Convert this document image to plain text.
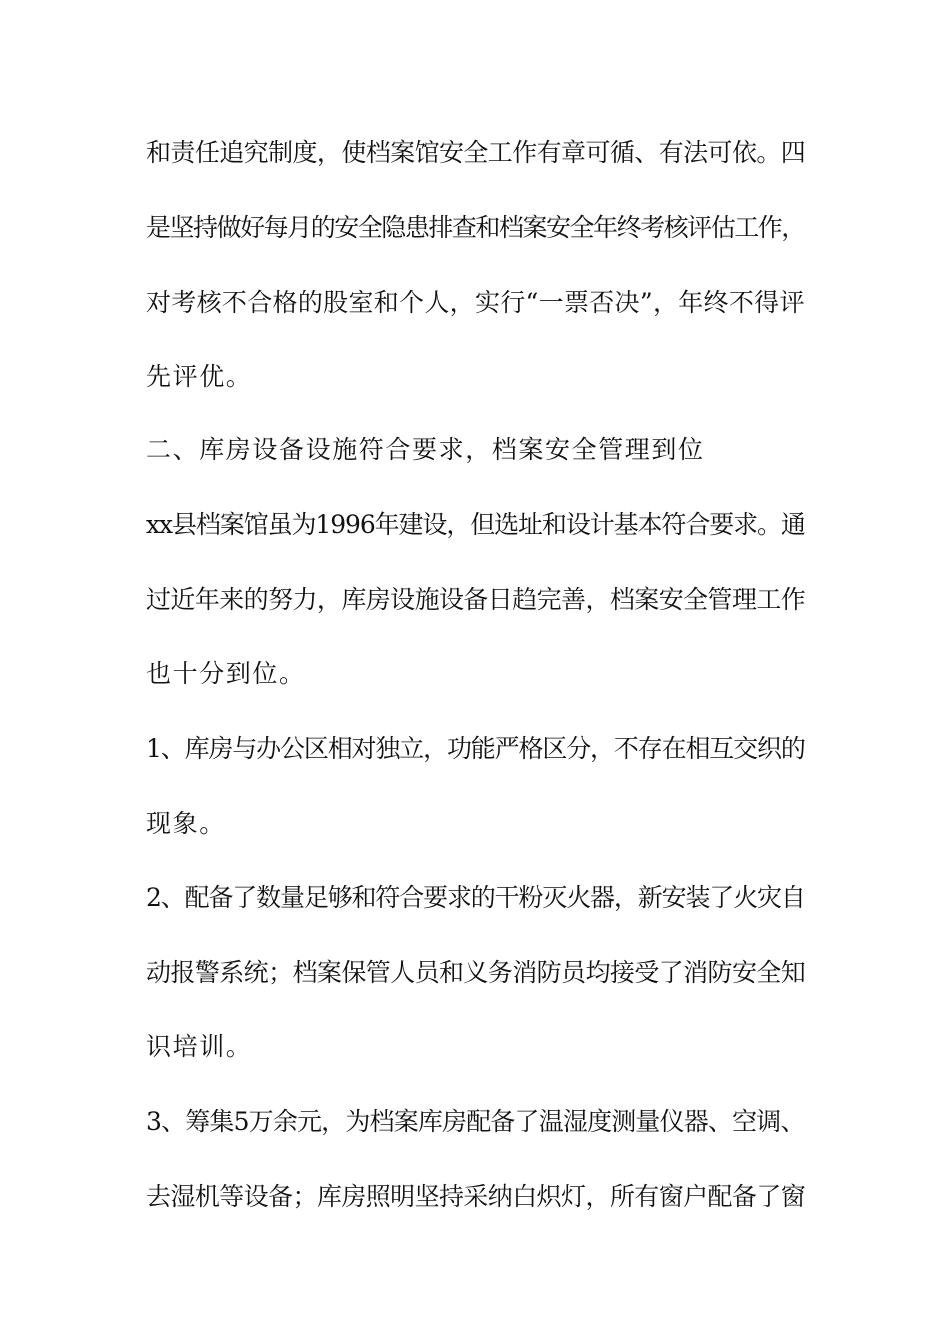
和责任追究制度，使档案馆安全工作有章可循、有法可依。四
是坚持做好每月的安全隐患排查和档案安全年终考核评估工作，
对考核不合格的股室和个人，实行“一票否决”，年终不得评
先评优。
二、库房设备设施符合要求，档案安全管理到位
xx县档案馆虽为1996年建设，但选址和设计基本符合要求。通
过近年来的努力，库房设施设备日趋完善，档案安全管理工作
也十分到位。
1、库房与办公区相对独立，功能严格区分，不存在相互交织的
现象。
2、配备了数量足够和符合要求的干粉灭火器，新安装了火灾自
动报警系统；档案保管人员和义务消防员均接受了消防安全知
识培训。
3、筹集5万余元，为档案库房配备了温湿度测量仪器、空调、
去湿机等设备；库房照明坚持采纳白炽灯，所有窗户配备了窗
